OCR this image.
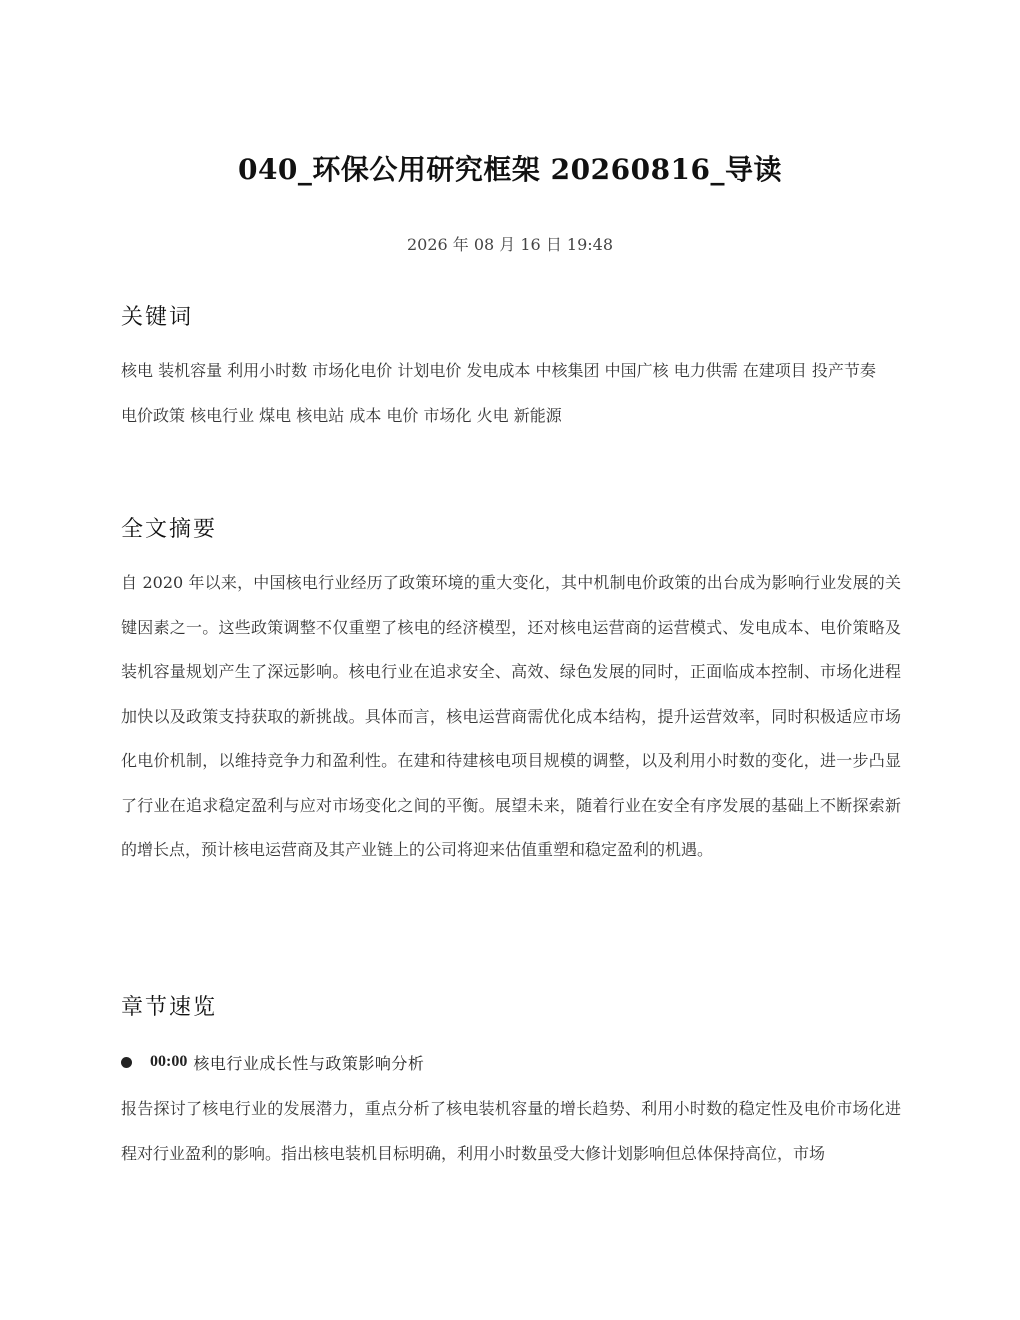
040_环保公用研究框架 20260816_导读
2026 年 08 月 16 日 19:48
关键词
核电 装机容量 利用小时数 市场化电价 计划电价 发电成本 中核集团 中国广核 电力供需 在建项目 投产节奏
电价政策 核电行业 煤电 核电站 成本 电价 市场化 火电 新能源
全文摘要
自 2020 年以来，中国核电行业经历了政策环境的重大变化，其中机制电价政策的出台成为影响行业发展的关键因素之一。这些政策调整不仅重塑了核电的经济模型，还对核电运营商的运营模式、发电成本、电价策略及装机容量规划产生了深远影响。核电行业在追求安全、高效、绿色发展的同时，正面临成本控制、市场化进程加快以及政策支持获取的新挑战。具体而言，核电运营商需优化成本结构，提升运营效率，同时积极适应市场化电价机制，以维持竞争力和盈利性。在建和待建核电项目规模的调整，以及利用小时数的变化，进一步凸显了行业在追求稳定盈利与应对市场变化之间的平衡。展望未来，随着行业在安全有序发展的基础上不断探索新的增长点，预计核电运营商及其产业链上的公司将迎来估值重塑和稳定盈利的机遇。
章节速览
00:00 核电行业成长性与政策影响分析
报告探讨了核电行业的发展潜力，重点分析了核电装机容量的增长趋势、利用小时数的稳定性及电价市场化进程对行业盈利的影响。指出核电装机目标明确，利用小时数虽受大修计划影响但总体保持高位，市场
